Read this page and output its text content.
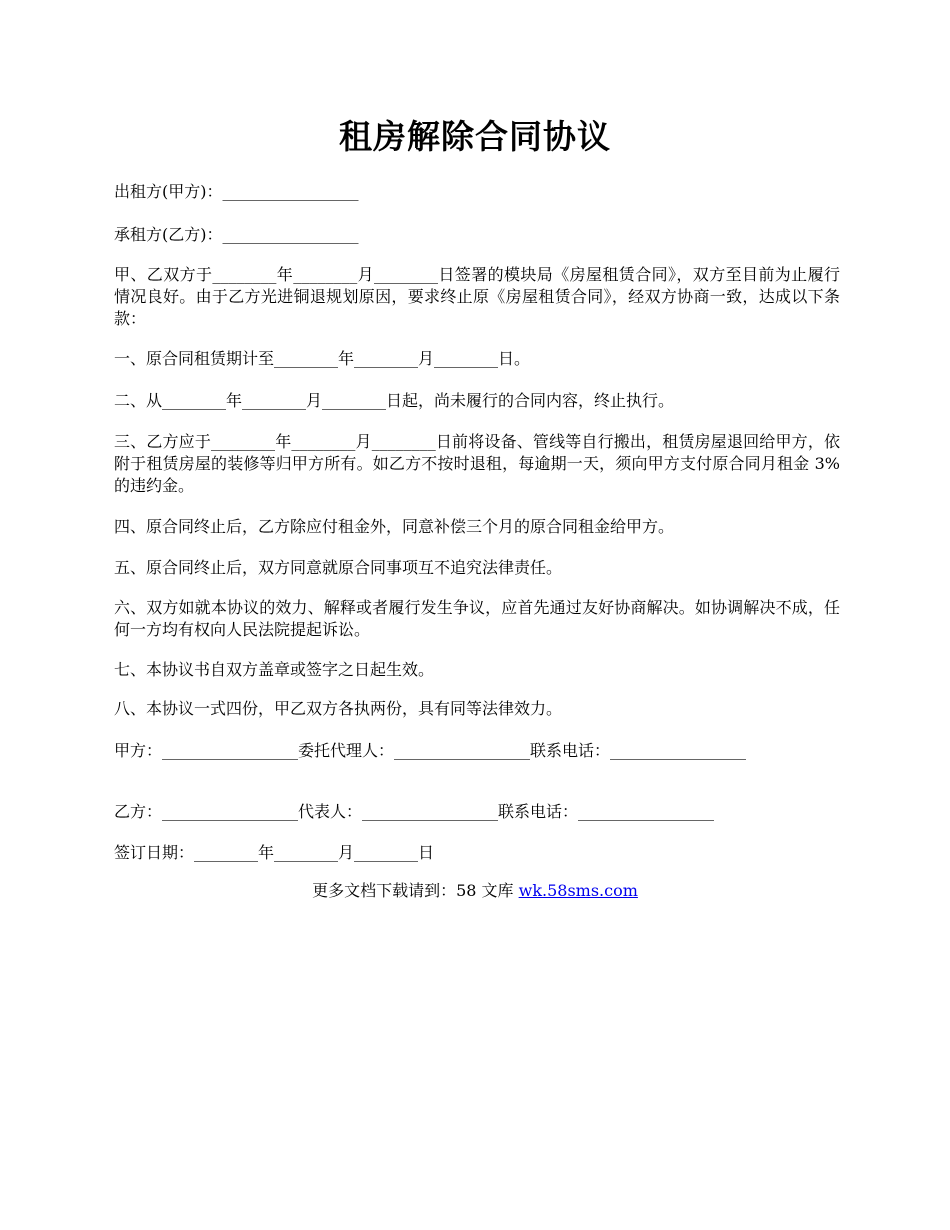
租房解除合同协议
出租方(甲方)：_________________
承租方(乙方)：_________________
甲、乙双方于________年________月________日签署的模块局《房屋租赁合同》，双方至目前为止履行情况良好。由于乙方光进铜退规划原因，要求终止原《房屋租赁合同》，经双方协商一致，达成以下条款：
一、原合同租赁期计至________年________月________日。
二、从________年________月________日起，尚未履行的合同内容，终止执行。
三、乙方应于________年________月________日前将设备、管线等自行搬出，租赁房屋退回给甲方，依附于租赁房屋的装修等归甲方所有。如乙方不按时退租，每逾期一天，须向甲方支付原合同月租金 3%的违约金。
四、原合同终止后，乙方除应付租金外，同意补偿三个月的原合同租金给甲方。
五、原合同终止后，双方同意就原合同事项互不追究法律责任。
六、双方如就本协议的效力、解释或者履行发生争议，应首先通过友好协商解决。如协调解决不成，任何一方均有权向人民法院提起诉讼。
七、本协议书自双方盖章或签字之日起生效。
八、本协议一式四份，甲乙双方各执两份，具有同等法律效力。
甲方：_________________委托代理人：_________________联系电话：_________________
乙方：_________________代表人：_________________联系电话：_________________
签订日期：________年________月________日
更多文档下载请到：58 文库 wk.58sms.com
